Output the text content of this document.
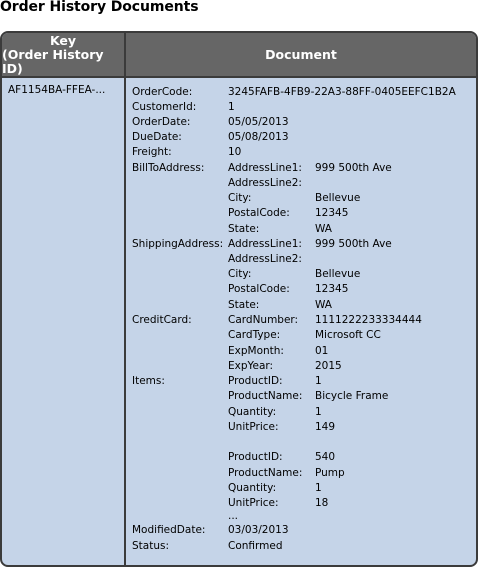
Order History Documents
Key
(Order History ID)
Document
AF1154BA-FFEA-...	OrderCode:	3245FAFB-4FB9-22A3-88FF-0405EEFC1B2A
CustomerId:	1
OrderDate:	05/05/2013
DueDate:	05/08/2013
Freight:	10
BillToAddress: AddressLine1: 999 500th Ave
AddressLine2:
City:	Bellevue
PostalCode: 12345
State:	WA
ShippingAddress: AddressLine1: 999 500th Ave
AddressLine2:
City:	Bellevue
PostalCode: 12345
State:	WA
CreditCard:	CardNumber: 1111222233334444
CardType:	Microsoft CC
ExpMonth:	01
ExpYear:	2015
Items:	ProductID:	1
ProductName: Bicycle Frame
Quantity:	1
UnitPrice:	149
ProductID:	540
ProductName: Pump
Quantity:	1
UnitPrice:	18
...
ModifiedDate: 03/03/2013
Status:	Confirmed
